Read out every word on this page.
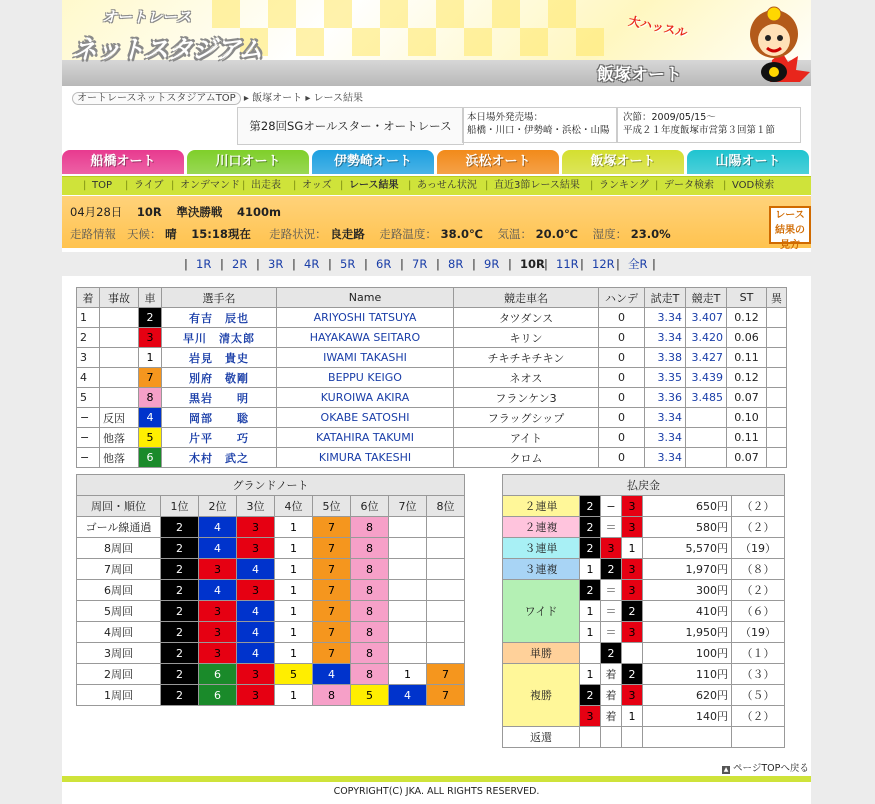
オートレース
ネットスタジアム
飯塚オート
大ハッスル
オートレースネットスタジアムTOP ▸ 飯塚オート ▸ レース結果
第28回SGオールスター・オートレース
本日場外発売場：
船橋・川口・伊勢崎・浜松・山陽
次節：2009/05/15〜
平成２１年度飯塚市営第３回第１節
船橋オート	川口オート	伊勢崎オート	浜松オート	飯塚オート	山陽オート
TOP
|	ライブ
|	オンデマンド
|	出走表
|	オッズ
|	レース結果
|	あっせん状況
|	直近3節レース結果
|	ランキング
|	データ検索
|	VOD検索
|
04月28日 10R 準決勝戦 4100m
走路情報 天候： 晴 15:18現在 走路状況： 良走路 走路温度： 38.0℃ 気温： 20.0℃ 湿度： 23.0%
レース結果の見方
| 1R | 2R | 3R | 4R | 5R | 6R | 7R | 8R | 9R | 10R | 11R | 12R | 全R |
着	事故	車	選手名	Name	競走車名	ハンデ	試走T	競走T	ST	異
1		2	有吉　辰也	ARIYOSHI TATSUYA	タツダンス	0	3.34	3.407	0.12	
2		3	早川　清太郎	HAYAKAWA SEITARO	キリン	0	3.34	3.420	0.06	
3		1	岩見　貴史	IWAMI TAKASHI	チキチキチキン	0	3.38	3.427	0.11	
4		7	別府　敬剛	BEPPU KEIGO	ネオス	0	3.35	3.439	0.12	
5		8	黒岩　　明	KUROIWA AKIRA	フランケン3	0	3.36	3.485	0.07	
−	反因	4	岡部　　聡	OKABE SATOSHI	フラッグシップ	0	3.34		0.10	
−	他落	5	片平　　巧	KATAHIRA TAKUMI	アイト	0	3.34		0.11	
−	他落	6	木村　武之	KIMURA TAKESHI	クロム	0	3.34		0.07	
グランドノート								
周回・順位	1位	2位	3位	4位	5位	6位	7位	8位
ゴール線通過	2	4	3	1	7	8		
8周回	2	4	3	1	7	8		
7周回	2	3	4	1	7	8		
6周回	2	4	3	1	7	8		
5周回	2	3	4	1	7	8		
4周回	2	3	4	1	7	8		
3周回	2	3	4	1	7	8		
2周回	2	6	3	5	4	8	1	7
1周回	2	6	3	1	8	5	4	7
払戻金					
２連単	2	−	3	650円	（２）
２連複	2	＝	3	580円	（２）
３連単	2	3	1	5,570円	（19）
３連複	1	2	3	1,970円	（８）
ワイド	2	＝	3	300円	（２）
	1	＝	2	410円	（６）
	1	＝	3	1,950円	（19）
単勝		2		100円	（１）
複勝	1	着	2	110円	（３）
	2	着	3	620円	（５）
	3	着	1	140円	（２）
返還					
▲ ページTOPへ戻る
COPYRIGHT(C) JKA. ALL RIGHTS RESERVED.
